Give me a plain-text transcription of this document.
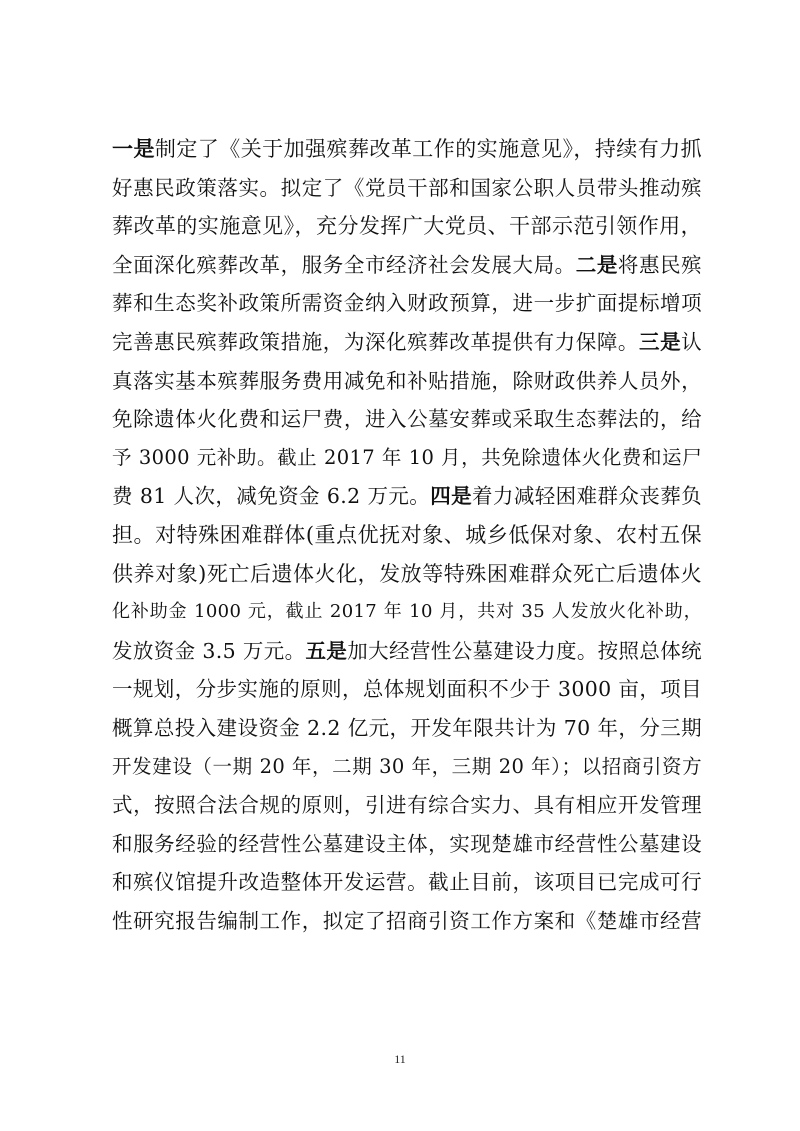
一是制定了《关于加强殡葬改革工作的实施意见》，持续有力抓
好惠民政策落实。拟定了《党员干部和国家公职人员带头推动殡
葬改革的实施意见》，充分发挥广大党员、干部示范引领作用，
全面深化殡葬改革，服务全市经济社会发展大局。二是将惠民殡
葬和生态奖补政策所需资金纳入财政预算，进一步扩面提标增项
完善惠民殡葬政策措施，为深化殡葬改革提供有力保障。三是认
真落实基本殡葬服务费用减免和补贴措施，除财政供养人员外，
免除遗体火化费和运尸费，进入公墓安葬或采取生态葬法的，给
予 3000 元补助。截止 2017 年 10 月，共免除遗体火化费和运尸
费 81 人次，减免资金 6.2 万元。四是着力减轻困难群众丧葬负
担。对特殊困难群体(重点优抚对象、城乡低保对象、农村五保
供养对象)死亡后遗体火化，发放等特殊困难群众死亡后遗体火
化补助金 1000 元，截止 2017 年 10 月，共对 35 人发放火化补助，
发放资金 3.5 万元。五是加大经营性公墓建设力度。按照总体统
一规划，分步实施的原则，总体规划面积不少于 3000 亩，项目
概算总投入建设资金 2.2 亿元，开发年限共计为 70 年，分三期
开发建设（一期 20 年，二期 30 年，三期 20 年）；以招商引资方
式，按照合法合规的原则，引进有综合实力、具有相应开发管理
和服务经验的经营性公墓建设主体，实现楚雄市经营性公墓建设
和殡仪馆提升改造整体开发运营。截止目前，该项目已完成可行
性研究报告编制工作，拟定了招商引资工作方案和《楚雄市经营
11
